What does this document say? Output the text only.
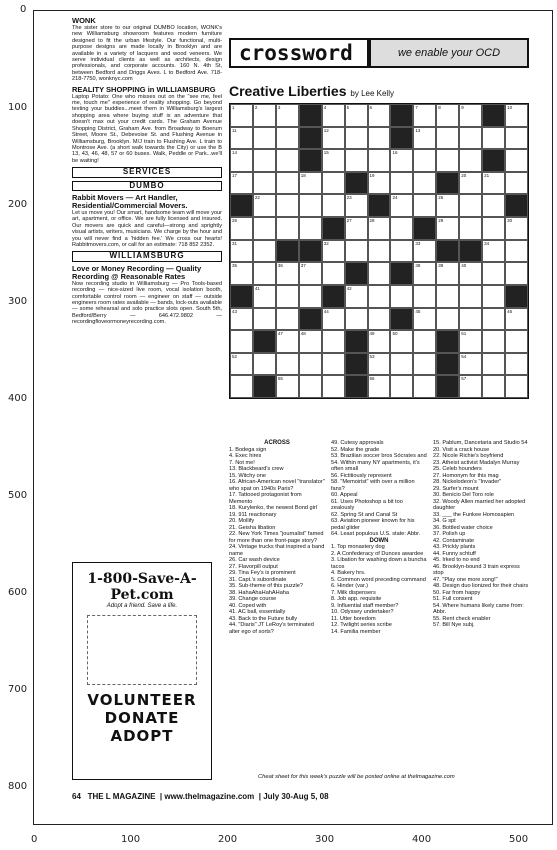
0	100	200	300	400	500
0
100
200
300
400
500
600
700
800
WONK

The sister store to our original DUMBO location, WONK's new Williamsburg showroom features modern furniture designed to fit the urban lifestyle. Our functional, multi-purpose designs are made locally in Brooklyn and are available in a variety of lacquers and wood veneers. We serve individual clients as well as architects, design professionals, and corporate accounts. 160 N. 4th St, between Bedford and Driggs Aves. L to Bedford Ave. 718-218-7750, wonknyc.com

REALITY SHOPPING in WILLIAMSBURG

Laptop Potato: One who misses out on the "see me, feel me, touch me" experience of reality shopping. Go beyond texting your buddies...meet them in Williamsburg's largest shopping area where buying stuff is an adventure that doesn't max out your credit cards. The Graham Avenue Shopping District, Graham Ave. from Broadway to Boerum Street, Moore St., Debevoise St. and Flushing Avenue in Williamsburg, Brooklyn. M/J train to Flushing Ave. L train to Montrose Ave. (a short walk towards the City) or use the B 13, 43, 46, 48, 57 or 60 buses. Walk, Peddle or Park...we'll be waiting!

SERVICES
DUMBO
Rabbit Movers — Art Handler, Residential/Commercial Movers.

Let us move you! Our smart, handsome team will move your art, apartment, or office. We are fully licensed and insured. Our movers are quick and careful—strong and sprightly visual artists, writers, musicians. We charge by the hour and you will never find a 'hidden fee.' We cross our hearts! Rabbitmovers.com, or call for an estimate: 718 852 2352.

WILLIAMSBURG
Love or Money Recording — Quality Recording @ Reasonable Rates

Now recording studio in Williamsburg — Pro Tools-based recording — nice-sized live room, vocal isolation booth, comfortable control room — engineer on staff — outside engineers room rates available — bands, lock-outs available — some rehearsal and solo practice slots open. South 5th, Bedford/Berry — 646.472.9802 — recordingfloveormoneyrecording.com.

1-800-Save-A-Pet.com
Adopt a friend. Save a life.
VOLUNTEER
DONATE
ADOPT
crossword	we enable your OCD
Creative Liberties by Lee Kelly
1	2	3	4	5	6	7	8	9	10
11	12	13
14	15	16
17	18	19	20	21
22	23	24	25
26	27	28	29	30
31	32	33	34
35	36	37	38	39	40
41	42
43	44	45	46
47	48	49	50	51
52	53	54
55	56	57
ACROSS
1. Bodega sign
4. Exec hires
7. Not me!
13. Blackbeard's crew
15. Witchy one
16. African-American novel "translator" who spat on 1940s Paris?
17. Tattooed protagonist from Memento
18. Kurylenko, the newest Bond girl
19. 911 reactionary
20. Mollify
21. Geisha libation
22. New York Times "journalist" famed for more than one front-page story?
24. Vintage trucks that inspired a band name
26. Car wash device
27. Flavorpill output
29. Tina Fey's is prominent
31. Capt.'s subordinate
35. Sub-theme of this puzzle?
38. HahaAhaHahAHaha
39. Change course
40. Coped with
41. AC ball, essentially
43. Back to the Future bully
44. "Diaris" JT LeRoy's terminated alter ego of sorts?
49. Cutesy approvals
52. Make the grade
53. Brazilian soccer bros Sócrates and
54. Within many NY apartments, it's often small
56. Fictitiously represent
58. "Memoirist" with over a million fans?
60. Appeal
61. Uses Photoshop a bit too zealously
62. Spring St and Canal St
63. Aviation pioneer known for his pedal glider
64. Least populous U.S. state: Abbr.
DOWN
1. Top monastery dog
2. A Confederacy of Dunces awardee
3. Libation for washing down a buncha tacos
4. Bakery hrs.
5. Common word preceding command
6. Hinder (var.)
7. Milk dispensers
8. Job app. requisite
9. Influential staff member?
10. Odyssey undertaker?
11. Utter boredom
12. Twilight series scribe
14. Familia member
15. Pablum, Dancetaria and Studio 54
20. Visit a crack house
22. Nicole Richie's boyfriend
23. Atheist activist Madalyn Murray
25. Celeb hounders
27. Homonym for this mag
28. Nickelodeon's "Invader"
29. Surfer's mount
30. Benicio Del Toro role
32. Woody Allen married her adopted daughter
33. ___ the Funkee Homosapien
34. G spt
36. Bottled water choice
37. Polish up
42. Contaminate
43. Prickly plants
44. Funny schtuff
45. Irked to no end
46. Brooklyn-bound 3 train express stop
47. "Play one more song!"
48. Design duo lionized for their chairs
50. Far from happy
51. Full consent
54. Where humans likely came from: Abbr.
55. Rent check enabler
57. Bill Nye subj.
Cheat sheet for this week's puzzle will be posted online at thelmagazine.com
64 THE L MAGAZINE  | www.thelmagazine.com  | July 30-Aug 5, 08
